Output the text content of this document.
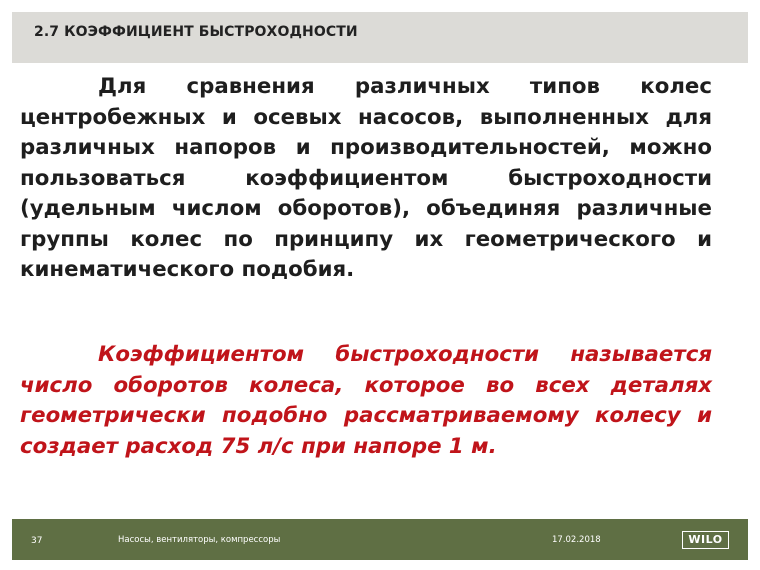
2.7 КОЭФФИЦИЕНТ БЫСТРОХОДНОСТИ
Для сравнения различных типов колес центробежных и осевых насосов, выполненных для различных напоров и производительностей, можно пользоваться коэффициентом быстроходности (удельным числом оборотов), объединяя различные группы колес по принципу их геометрического и кинематического подобия.
Коэффициентом быстроходности называется число оборотов колеса, которое во всех деталях геометрически подобно рассматриваемому колесу и создает расход 75 л/с при напоре 1 м.
37	Насосы, вентиляторы, компрессоры	17.02.2018	WILO
